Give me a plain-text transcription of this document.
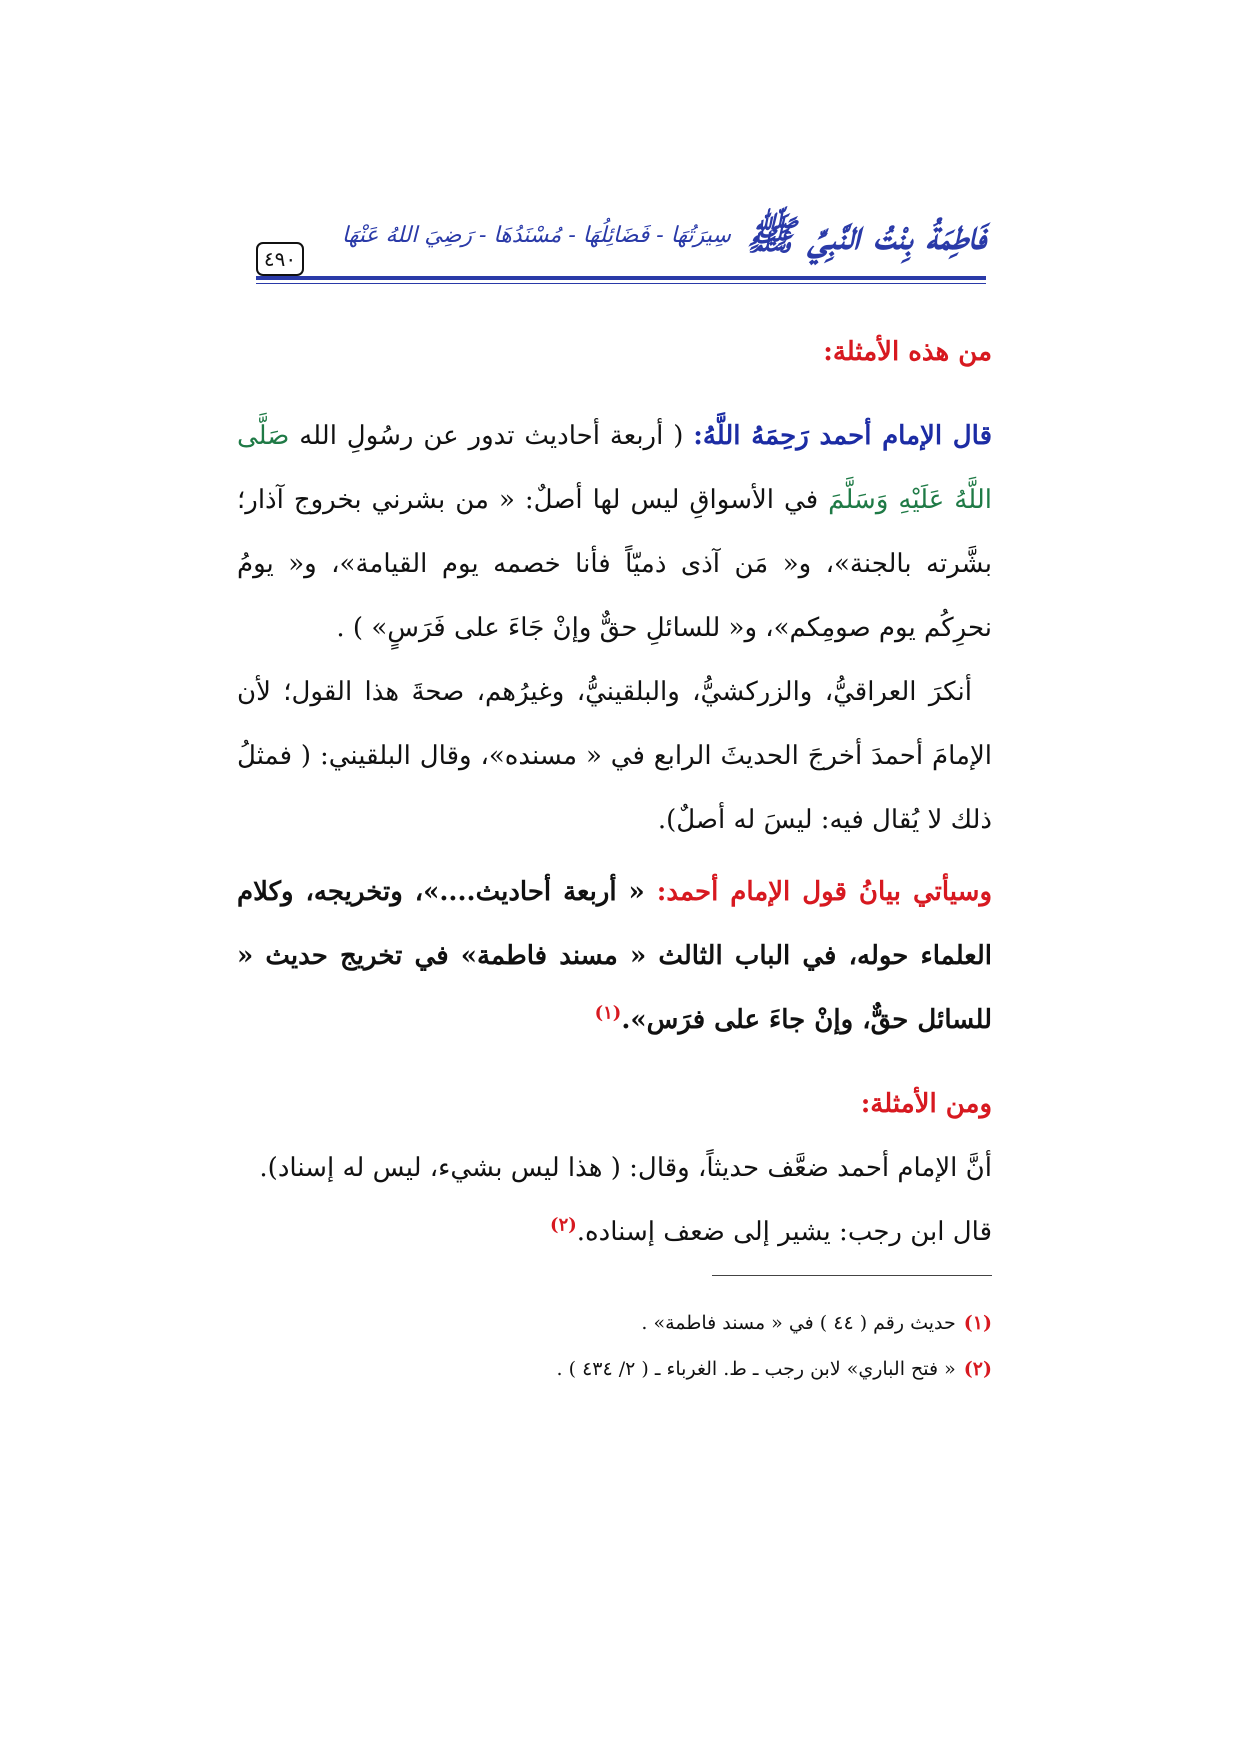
٤٩٠	فَاطِمَةُ بِنْتُ النَّبِيِّ ﷺ سِيرَتُهَا - فَضَائِلُهَا - مُسْنَدُهَا - رَضِيَ اللهُ عَنْهَا

من هذه الأمثلة:

قال الإمام أحمد رَحِمَهُ اللَّهُ: ( أربعة أحاديث تدور عن رسُولِ الله صَلَّى اللَّهُ عَلَيْهِ وَسَلَّمَ في الأسواقِ ليس لها أصلٌ: « من بشرني بخروج آذار؛ بشَّرته بالجنة»، و« مَن آذى ذميّاً فأنا خصمه يوم القيامة»، و« يومُ نحرِكُم يوم صومِكم»، و« للسائلِ حقٌّ وإنْ جَاءَ على فَرَسٍ» ) .

أنكرَ العراقيُّ، والزركشيُّ، والبلقينيُّ، وغيرُهم، صحةَ هذا القول؛ لأن الإمامَ أحمدَ أخرجَ الحديثَ الرابع في « مسنده»، وقال البلقيني: ( فمثلُ ذلك لا يُقال فيه: ليسَ له أصلٌ).

وسيأتي بيانُ قول الإمام أحمد: « أربعة أحاديث....»، وتخريجه، وكلام العلماء حوله، في الباب الثالث « مسند فاطمة» في تخريج حديث « للسائل حقٌّ، وإنْ جاءَ على فرَس».$^{(١)}$

ومن الأمثلة:

أنَّ الإمام أحمد ضعَّف حديثاً، وقال: ( هذا ليس بشيء، ليس له إسناد).

قال ابن رجب: يشير إلى ضعف إسناده.$^{(٢)}$

(١)حديث رقم ( ٤٤ ) في « مسند فاطمة» .

(٢)« فتح الباري» لابن رجب ـ ط. الغرباء ـ ( ٢/ ٤٣٤ ) .
